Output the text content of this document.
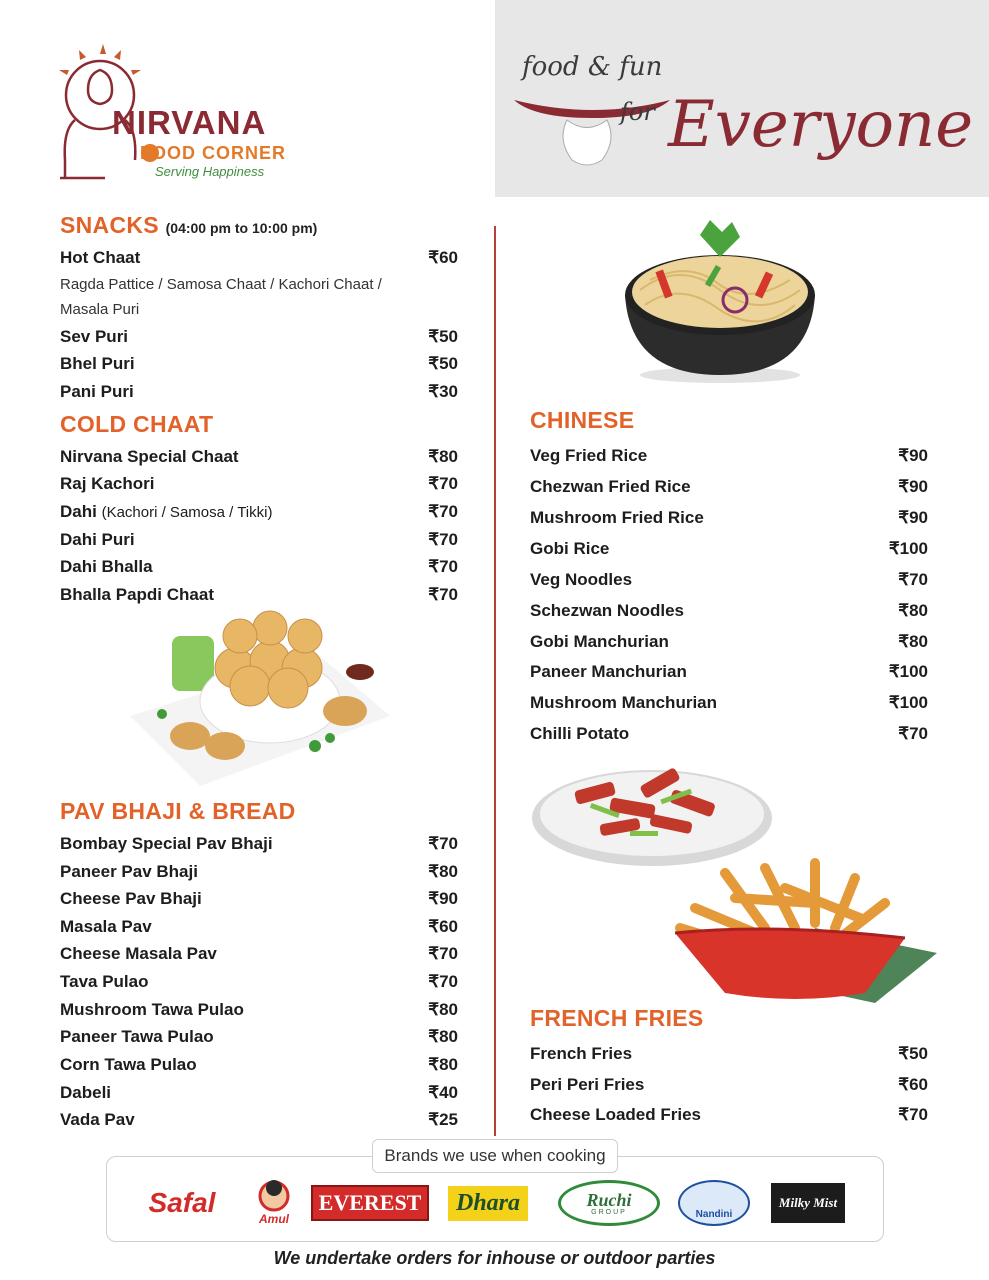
NIRVANA
FOOD CORNER
Serving Happiness
food & fun
for Everyone
SNACKS (04:00 pm to 10:00 pm)
Hot Chaat	₹60
Ragda Pattice / Samosa Chaat / Kachori Chaat / Masala Puri
Sev Puri	₹50
Bhel Puri	₹50
Pani Puri	₹30
COLD CHAAT
Nirvana Special Chaat	₹80
Raj Kachori	₹70
Dahi (Kachori / Samosa / Tikki)	₹70
Dahi Puri	₹70
Dahi Bhalla	₹70
Bhalla Papdi Chaat	₹70
PAV BHAJI & BREAD
Bombay Special Pav Bhaji	₹70
Paneer Pav Bhaji	₹80
Cheese Pav Bhaji	₹90
Masala Pav	₹60
Cheese Masala Pav	₹70
Tava Pulao	₹70
Mushroom Tawa Pulao	₹80
Paneer Tawa Pulao	₹80
Corn Tawa Pulao	₹80
Dabeli	₹40
Vada Pav	₹25
CHINESE
Veg Fried Rice	₹90
Chezwan Fried Rice	₹90
Mushroom Fried Rice	₹90
Gobi Rice	₹100
Veg Noodles	₹70
Schezwan Noodles	₹80
Gobi Manchurian	₹80
Paneer Manchurian	₹100
Mushroom Manchurian	₹100
Chilli Potato	₹70
FRENCH FRIES
French Fries	₹50
Peri Peri Fries	₹60
Cheese Loaded Fries	₹70
Brands we use when cooking
Safal
Amul
EVEREST	Dhara	Ruchi
GROUP	Nandini
Milky Mist
We undertake orders for inhouse or outdoor parties
